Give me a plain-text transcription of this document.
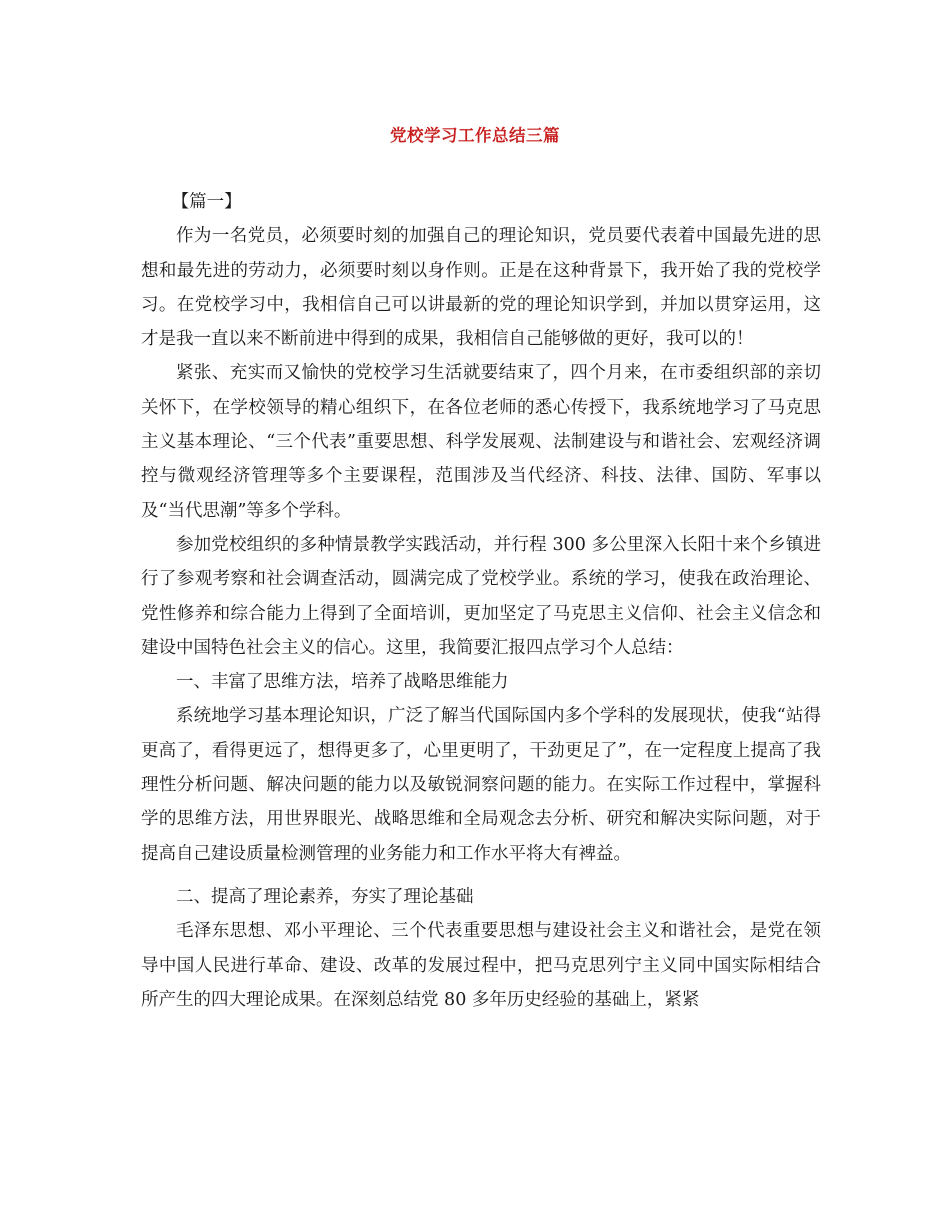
党校学习工作总结三篇

【篇一】

作为一名党员，必须要时刻的加强自己的理论知识，党员要代表着中国最先进的思想和最先进的劳动力，必须要时刻以身作则。正是在这种背景下，我开始了我的党校学习。在党校学习中，我相信自己可以讲最新的党的理论知识学到，并加以贯穿运用，这才是我一直以来不断前进中得到的成果，我相信自己能够做的更好，我可以的！

紧张、充实而又愉快的党校学习生活就要结束了，四个月来，在市委组织部的亲切关怀下，在学校领导的精心组织下，在各位老师的悉心传授下，我系统地学习了马克思主义基本理论、“三个代表”重要思想、科学发展观、法制建设与和谐社会、宏观经济调控与微观经济管理等多个主要课程，范围涉及当代经济、科技、法律、国防、军事以及“当代思潮”等多个学科。

参加党校组织的多种情景教学实践活动，并行程 300 多公里深入长阳十来个乡镇进行了参观考察和社会调查活动，圆满完成了党校学业。系统的学习，使我在政治理论、党性修养和综合能力上得到了全面培训，更加坚定了马克思主义信仰、社会主义信念和建设中国特色社会主义的信心。这里，我简要汇报四点学习个人总结：

一、丰富了思维方法，培养了战略思维能力

系统地学习基本理论知识，广泛了解当代国际国内多个学科的发展现状，使我“站得更高了，看得更远了，想得更多了，心里更明了，干劲更足了”，在一定程度上提高了我理性分析问题、解决问题的能力以及敏锐洞察问题的能力。在实际工作过程中，掌握科学的思维方法，用世界眼光、战略思维和全局观念去分析、研究和解决实际问题，对于提高自己建设质量检测管理的业务能力和工作水平将大有裨益。

二、提高了理论素养，夯实了理论基础

毛泽东思想、邓小平理论、三个代表重要思想与建设社会主义和谐社会，是党在领导中国人民进行革命、建设、改革的发展过程中，把马克思列宁主义同中国实际相结合所产生的四大理论成果。在深刻总结党 80 多年历史经验的基础上，紧紧
